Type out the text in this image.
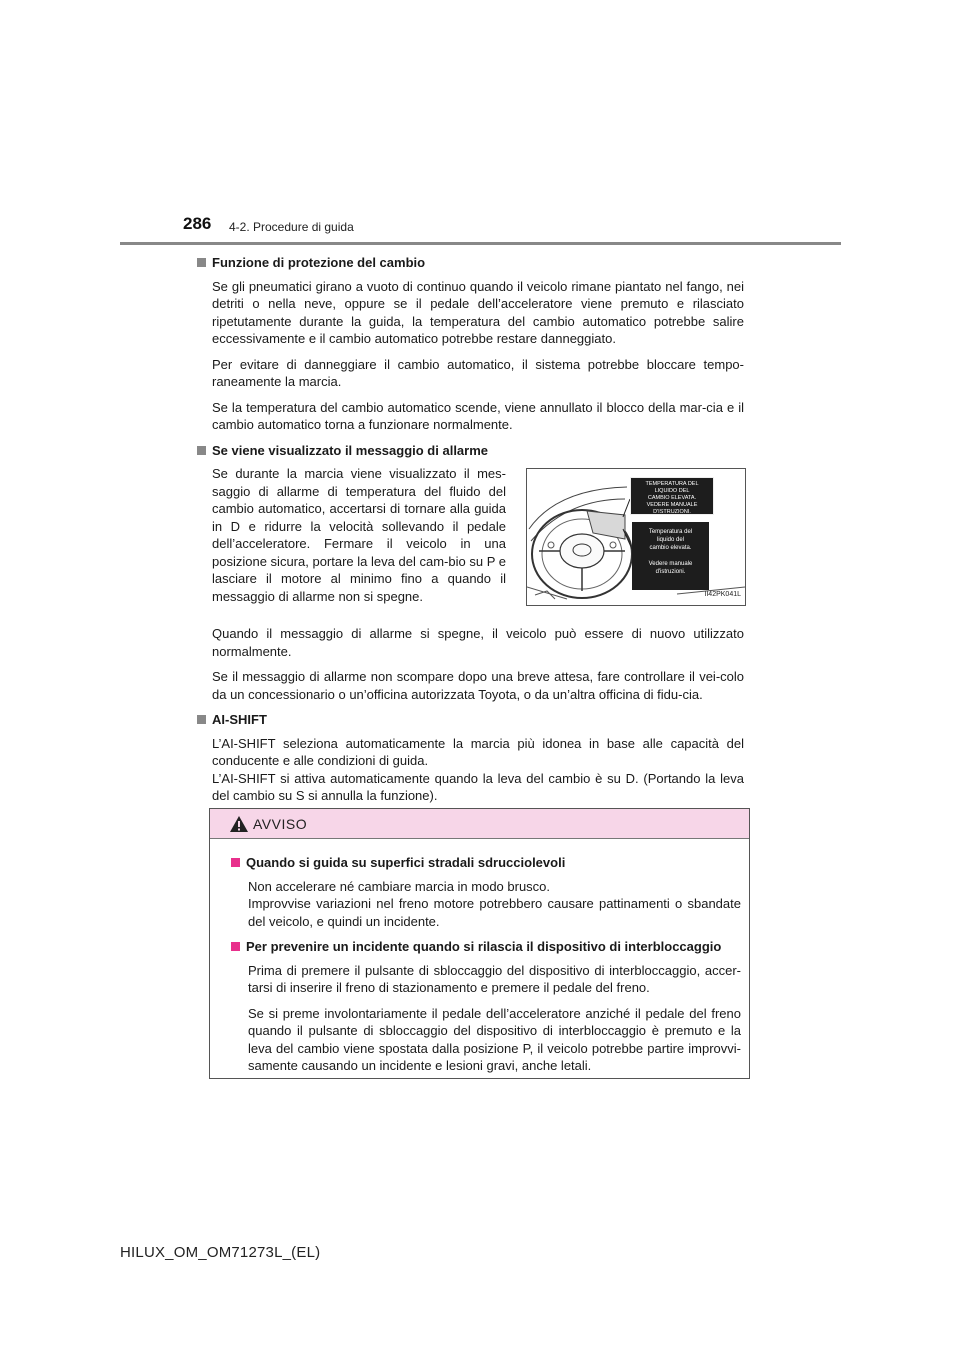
286 4-2. Procedure di guida
Funzione di protezione del cambio
Se gli pneumatici girano a vuoto di continuo quando il veicolo rimane piantato nel fango, nei detriti o nella neve, oppure se il pedale dell’acceleratore viene premuto e rilasciato ripetutamente durante la guida, la temperatura del cambio automatico potrebbe salire eccessivamente e il cambio automatico potrebbe restare danneggiato.
Per evitare di danneggiare il cambio automatico, il sistema potrebbe bloccare tempo-raneamente la marcia.
Se la temperatura del cambio automatico scende, viene annullato il blocco della mar-cia e il cambio automatico torna a funzionare normalmente.
Se viene visualizzato il messaggio di allarme
Se durante la marcia viene visualizzato il mes-saggio di allarme di temperatura del fluido del cambio automatico, accertarsi di tornare alla guida in D e ridurre la velocità sollevando il pedale dell’acceleratore. Fermare il veicolo in una posizione sicura, portare la leva del cam-bio su P e lasciare il motore al minimo fino a quando il messaggio di allarme non si spegne.
TEMPERATURA DEL
LIQUIDO DEL
CAMBIO ELEVATA.
VEDERE MANUALE
D'ISTRUZIONI.
Temperatura del
liquido del
cambio elevata.
Vedere manuale
d'istruzioni.
II42PK041L
Quando il messaggio di allarme si spegne, il veicolo può essere di nuovo utilizzato normalmente.
Se il messaggio di allarme non scompare dopo una breve attesa, fare controllare il vei-colo da un concessionario o un’officina autorizzata Toyota, o da un’altra officina di fidu-cia.
AI-SHIFT
L’AI-SHIFT seleziona automaticamente la marcia più idonea in base alle capacità del conducente e alle condizioni di guida.
L’AI-SHIFT si attiva automaticamente quando la leva del cambio è su D. (Portando la leva del cambio su S si annulla la funzione).
AVVISO
Quando si guida su superfici stradali sdrucciolevoli
Non accelerare né cambiare marcia in modo brusco.
Improvvise variazioni nel freno motore potrebbero causare pattinamenti o sbandate del veicolo, e quindi un incidente.
Per prevenire un incidente quando si rilascia il dispositivo di interbloccaggio
Prima di premere il pulsante di sbloccaggio del dispositivo di interbloccaggio, accer-tarsi di inserire il freno di stazionamento e premere il pedale del freno.
Se si preme involontariamente il pedale dell’acceleratore anziché il pedale del freno quando il pulsante di sbloccaggio del dispositivo di interbloccaggio è premuto e la leva del cambio viene spostata dalla posizione P, il veicolo potrebbe partire improvvi-samente causando un incidente e lesioni gravi, anche letali.
HILUX_OM_OM71273L_(EL)
